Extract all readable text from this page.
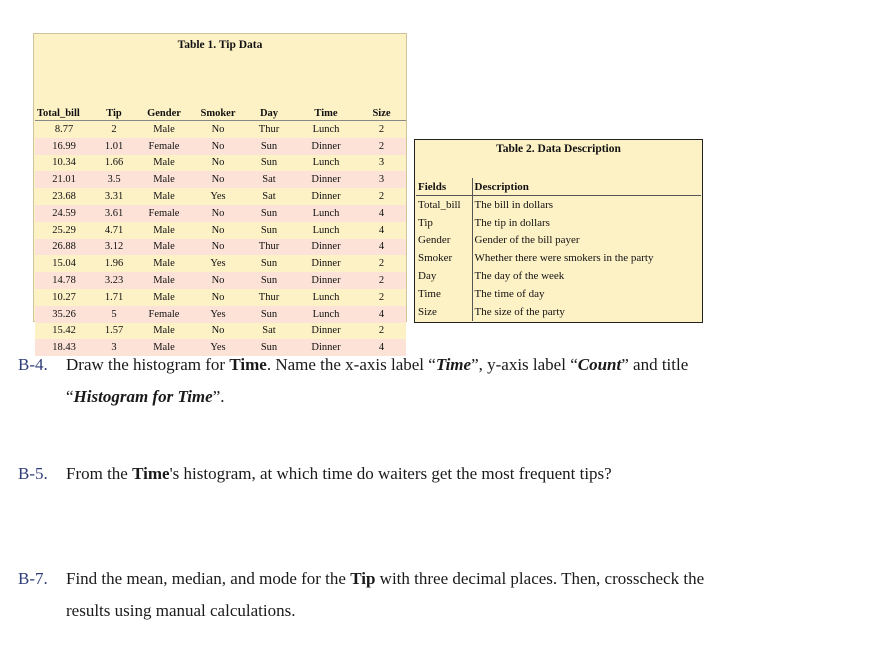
Table 1. Tip Data
Total_bill	Tip	Gender	Smoker	Day	Time	Size
8.77	2	Male	No	Thur	Lunch	2
16.99	1.01	Female	No	Sun	Dinner	2
10.34	1.66	Male	No	Sun	Lunch	3
21.01	3.5	Male	No	Sat	Dinner	3
23.68	3.31	Male	Yes	Sat	Dinner	2
24.59	3.61	Female	No	Sun	Lunch	4
25.29	4.71	Male	No	Sun	Lunch	4
26.88	3.12	Male	No	Thur	Dinner	4
15.04	1.96	Male	Yes	Sun	Dinner	2
14.78	3.23	Male	No	Sun	Dinner	2
10.27	1.71	Male	No	Thur	Lunch	2
35.26	5	Female	Yes	Sun	Lunch	4
15.42	1.57	Male	No	Sat	Dinner	2
18.43	3	Male	Yes	Sun	Dinner	4
Table 2. Data Description
Fields	Description
Total_bill	The bill in dollars
Tip	The tip in dollars
Gender	Gender of the bill payer
Smoker	Whether there were smokers in the party
Day	The day of the week
Time	The time of day
Size	The size of the party
B-4. Draw the histogram for Time. Name the x-axis label “Time”, y-axis label “Count” and title
“Histogram for Time”.
B-5. From the Time's histogram, at which time do waiters get the most frequent tips?
B-7. Find the mean, median, and mode for the Tip with three decimal places. Then, crosscheck the
results using manual calculations.
